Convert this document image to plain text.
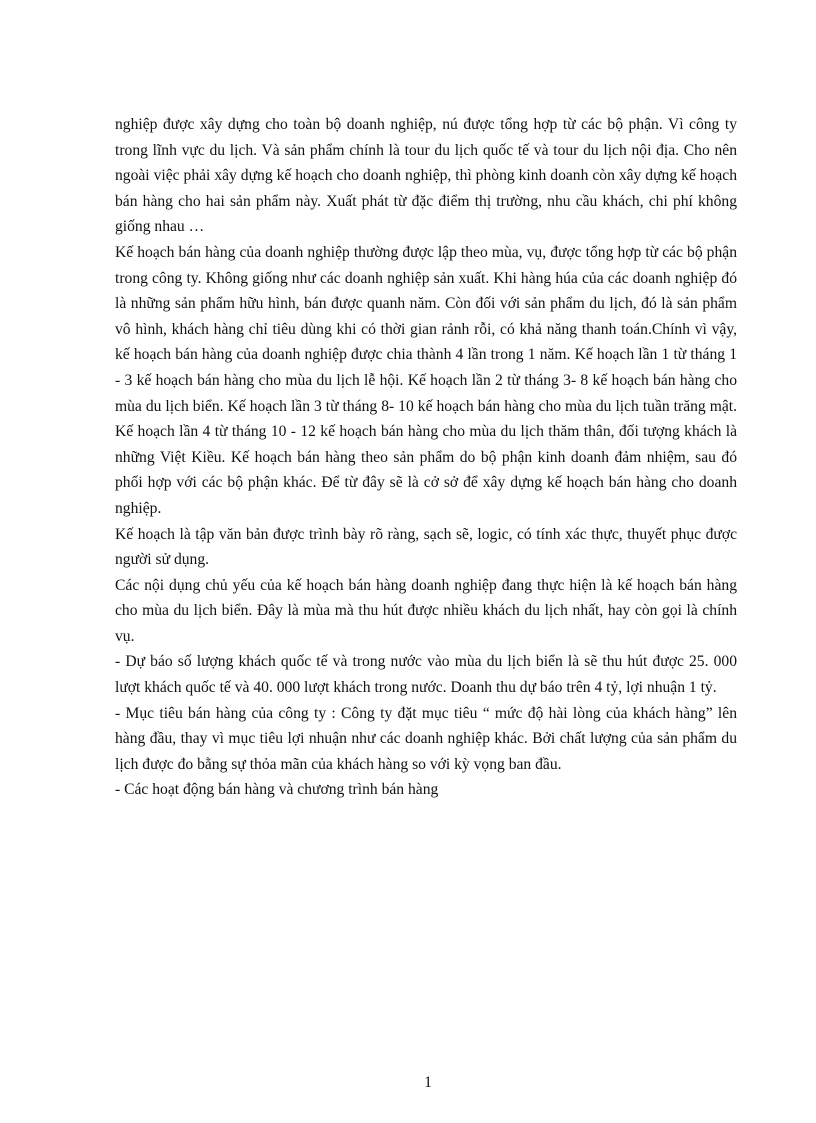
nghiệp được xây dựng cho toàn bộ doanh nghiệp, nú được tổng hợp từ các bộ phận. Vì công ty trong lĩnh vực du lịch. Và sản phẩm chính là tour du lịch quốc tế và tour du lịch nội địa. Cho nên ngoài việc phải xây dựng kế hoạch cho doanh nghiệp, thì phòng kinh doanh còn xây dựng kế hoạch bán hàng cho hai sản phẩm này. Xuất phát từ đặc điểm thị trường, nhu cầu khách, chi phí không giống nhau …

Kế hoạch bán hàng của doanh nghiệp thường được lập theo mùa, vụ, được tổng hợp từ các bộ phận trong công ty. Không giống như các doanh nghiệp sản xuất. Khi hàng húa của các doanh nghiệp đó là những sản phẩm hữu hình, bán được quanh năm. Còn đối với sản phẩm du lịch, đó là sản phẩm vô hình, khách hàng chỉ tiêu dùng khi có thời gian rảnh rỗi, có khả năng thanh toán.Chính vì vậy, kế hoạch bán hàng của doanh nghiệp được chia thành 4 lần trong 1 năm. Kế hoạch lần 1 từ tháng 1 - 3 kế hoạch bán hàng cho mùa du lịch lễ hội. Kế hoạch lần 2 từ tháng 3- 8 kế hoạch bán hàng cho mùa du lịch biển. Kế hoạch lần 3 từ tháng 8- 10 kế hoạch bán hàng cho mùa du lịch tuần trăng mật. Kế hoạch lần 4 từ tháng 10 - 12 kế hoạch bán hàng cho mùa du lịch thăm thân, đối tượng khách là những Việt Kiều. Kế hoạch bán hàng theo sản phẩm do bộ phận kinh doanh đảm nhiệm, sau đó phối hợp với các bộ phận khác. Để từ đây sẽ là cở sở để xây dựng kế hoạch bán hàng cho doanh nghiệp.

Kế hoạch là tập văn bản được trình bày rõ ràng, sạch sẽ, logic, có tính xác thực, thuyết phục được người sử dụng.

Các nội dụng chủ yếu của kế hoạch bán hàng doanh nghiệp đang thực hiện là kế hoạch bán hàng cho mùa du lịch biển. Đây là mùa mà thu hút được nhiều khách du lịch nhất, hay còn gọi là chính vụ.

- Dự báo số lượng khách quốc tế và trong nước vào mùa du lịch biển là sẽ thu hút được 25. 000 lượt khách quốc tế và 40. 000 lượt khách trong nước. Doanh thu dự báo trên 4 tỷ, lợi nhuận 1 tỷ.

- Mục tiêu bán hàng của công ty : Công ty đặt mục tiêu “ mức độ hài lòng của khách hàng” lên hàng đầu, thay vì mục tiêu lợi nhuận như các doanh nghiệp khác. Bởi chất lượng của sản phẩm du lịch được đo bằng sự thỏa mãn của khách hàng so với kỳ vọng ban đầu.

- Các hoạt động bán hàng và chương trình bán hàng

1
